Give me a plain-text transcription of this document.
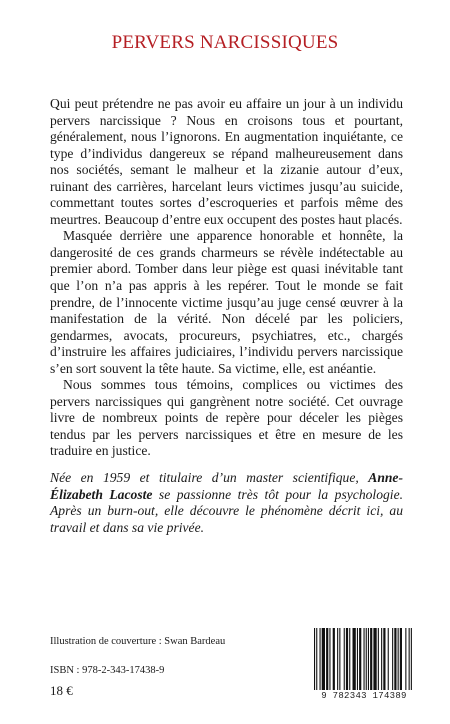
PERVERS NARCISSIQUES

Qui peut prétendre ne pas avoir eu affaire un jour à un individu pervers narcissique ? Nous en croisons tous et pourtant, généralement, nous l’ignorons. En augmentation inquiétante, ce type d’individus dangereux se répand malheureusement dans nos sociétés, semant le malheur et la zizanie autour d’eux, ruinant des carrières, harcelant leurs victimes jusqu’au suicide, commettant toutes sortes d’escroqueries et parfois même des meurtres. Beaucoup d’entre eux occupent des postes haut placés.

Masquée derrière une apparence honorable et honnête, la dangerosité de ces grands charmeurs se révèle indétectable au premier abord. Tomber dans leur piège est quasi inévitable tant que l’on n’a pas appris à les repérer. Tout le monde se fait prendre, de l’innocente victime jusqu’au juge censé œuvrer à la manifestation de la vérité. Non décelé par les policiers, gendarmes, avocats, procureurs, psychiatres, etc., chargés d’instruire les affaires judiciaires, l’individu pervers narcissique s’en sort souvent la tête haute. Sa victime, elle, est anéantie.

Nous sommes tous témoins, complices ou victimes des pervers narcissiques qui gangrènent notre société. Cet ouvrage livre de nombreux points de repère pour déceler les pièges tendus par les pervers narcissiques et être en mesure de les traduire en justice.

Née en 1959 et titulaire d’un master scientifique, Anne-Élizabeth Lacoste se passionne très tôt pour la psychologie. Après un burn-out, elle découvre le phénomène décrit ici, au travail et dans sa vie privée.
Illustration de couverture : Swan Bardeau
ISBN : 978-2-343-17438-9
18 €	9 782343 174389
